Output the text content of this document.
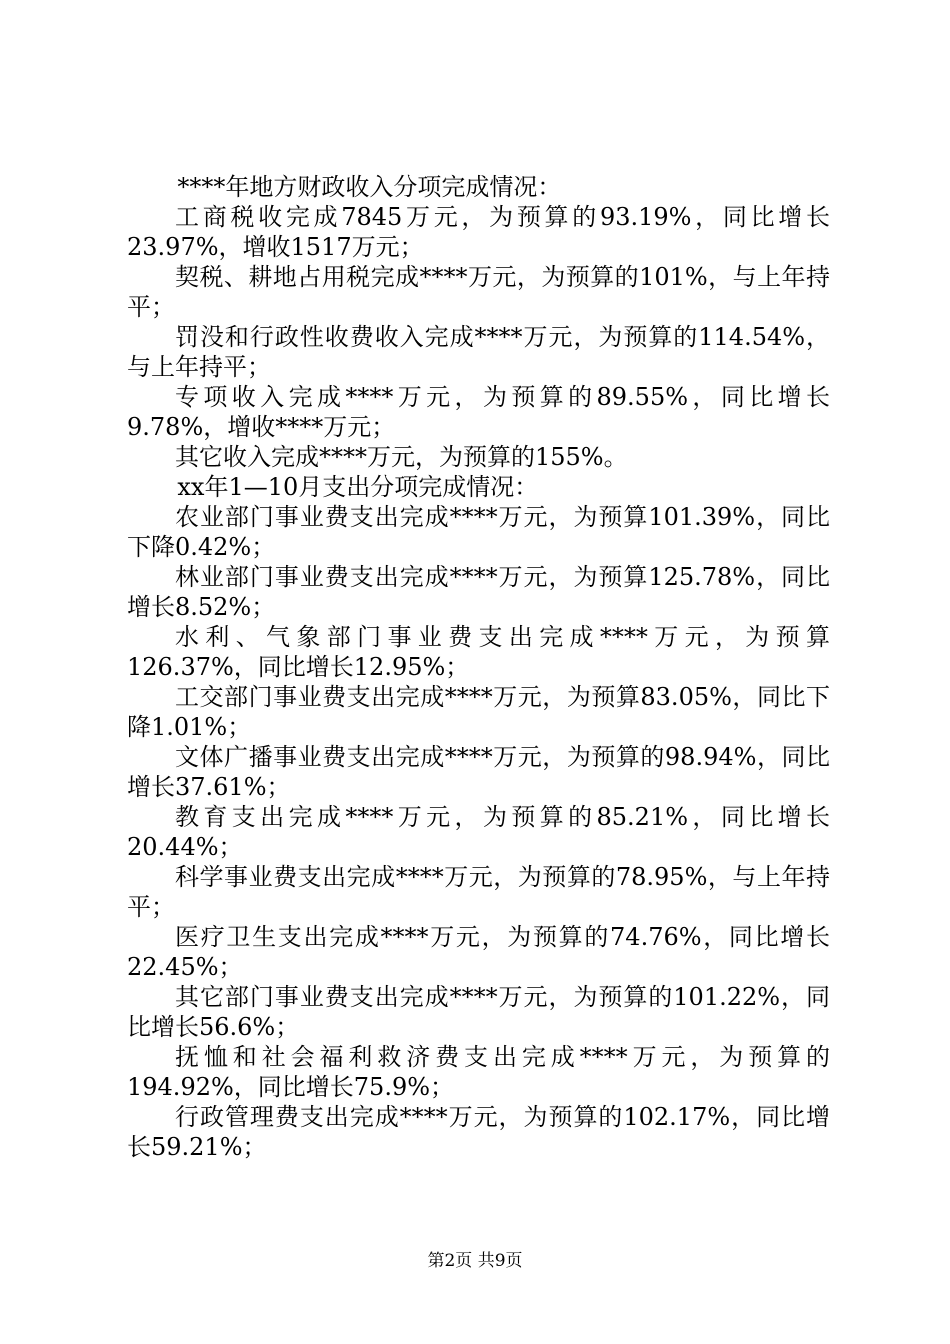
****年地方财政收入分项完成情况：

工商税收完成7845万元，为预算的93.19%，同比增长23.97%，增收1517万元；

契税、耕地占用税完成****万元，为预算的101%，与上年持平；

罚没和行政性收费收入完成****万元，为预算的114.54%，与上年持平；

专项收入完成****万元，为预算的89.55%，同比增长9.78%，增收****万元；

其它收入完成****万元，为预算的155%。

xx年1—10月支出分项完成情况：

农业部门事业费支出完成****万元，为预算101.39%，同比下降0.42%；

林业部门事业费支出完成****万元，为预算125.78%，同比增长8.52%；

水利、气象部门事业费支出完成****万元，为预算126.37%，同比增长12.95%；

工交部门事业费支出完成****万元，为预算83.05%，同比下降1.01%；

文体广播事业费支出完成****万元，为预算的98.94%，同比增长37.61%；

教育支出完成****万元，为预算的85.21%，同比增长20.44%；

科学事业费支出完成****万元，为预算的78.95%，与上年持平；

医疗卫生支出完成****万元，为预算的74.76%，同比增长22.45%；

其它部门事业费支出完成****万元，为预算的101.22%，同比增长56.6%；

抚恤和社会福利救济费支出完成****万元，为预算的194.92%，同比增长75.9%；

行政管理费支出完成****万元，为预算的102.17%，同比增长59.21%；

第2页 共9页
